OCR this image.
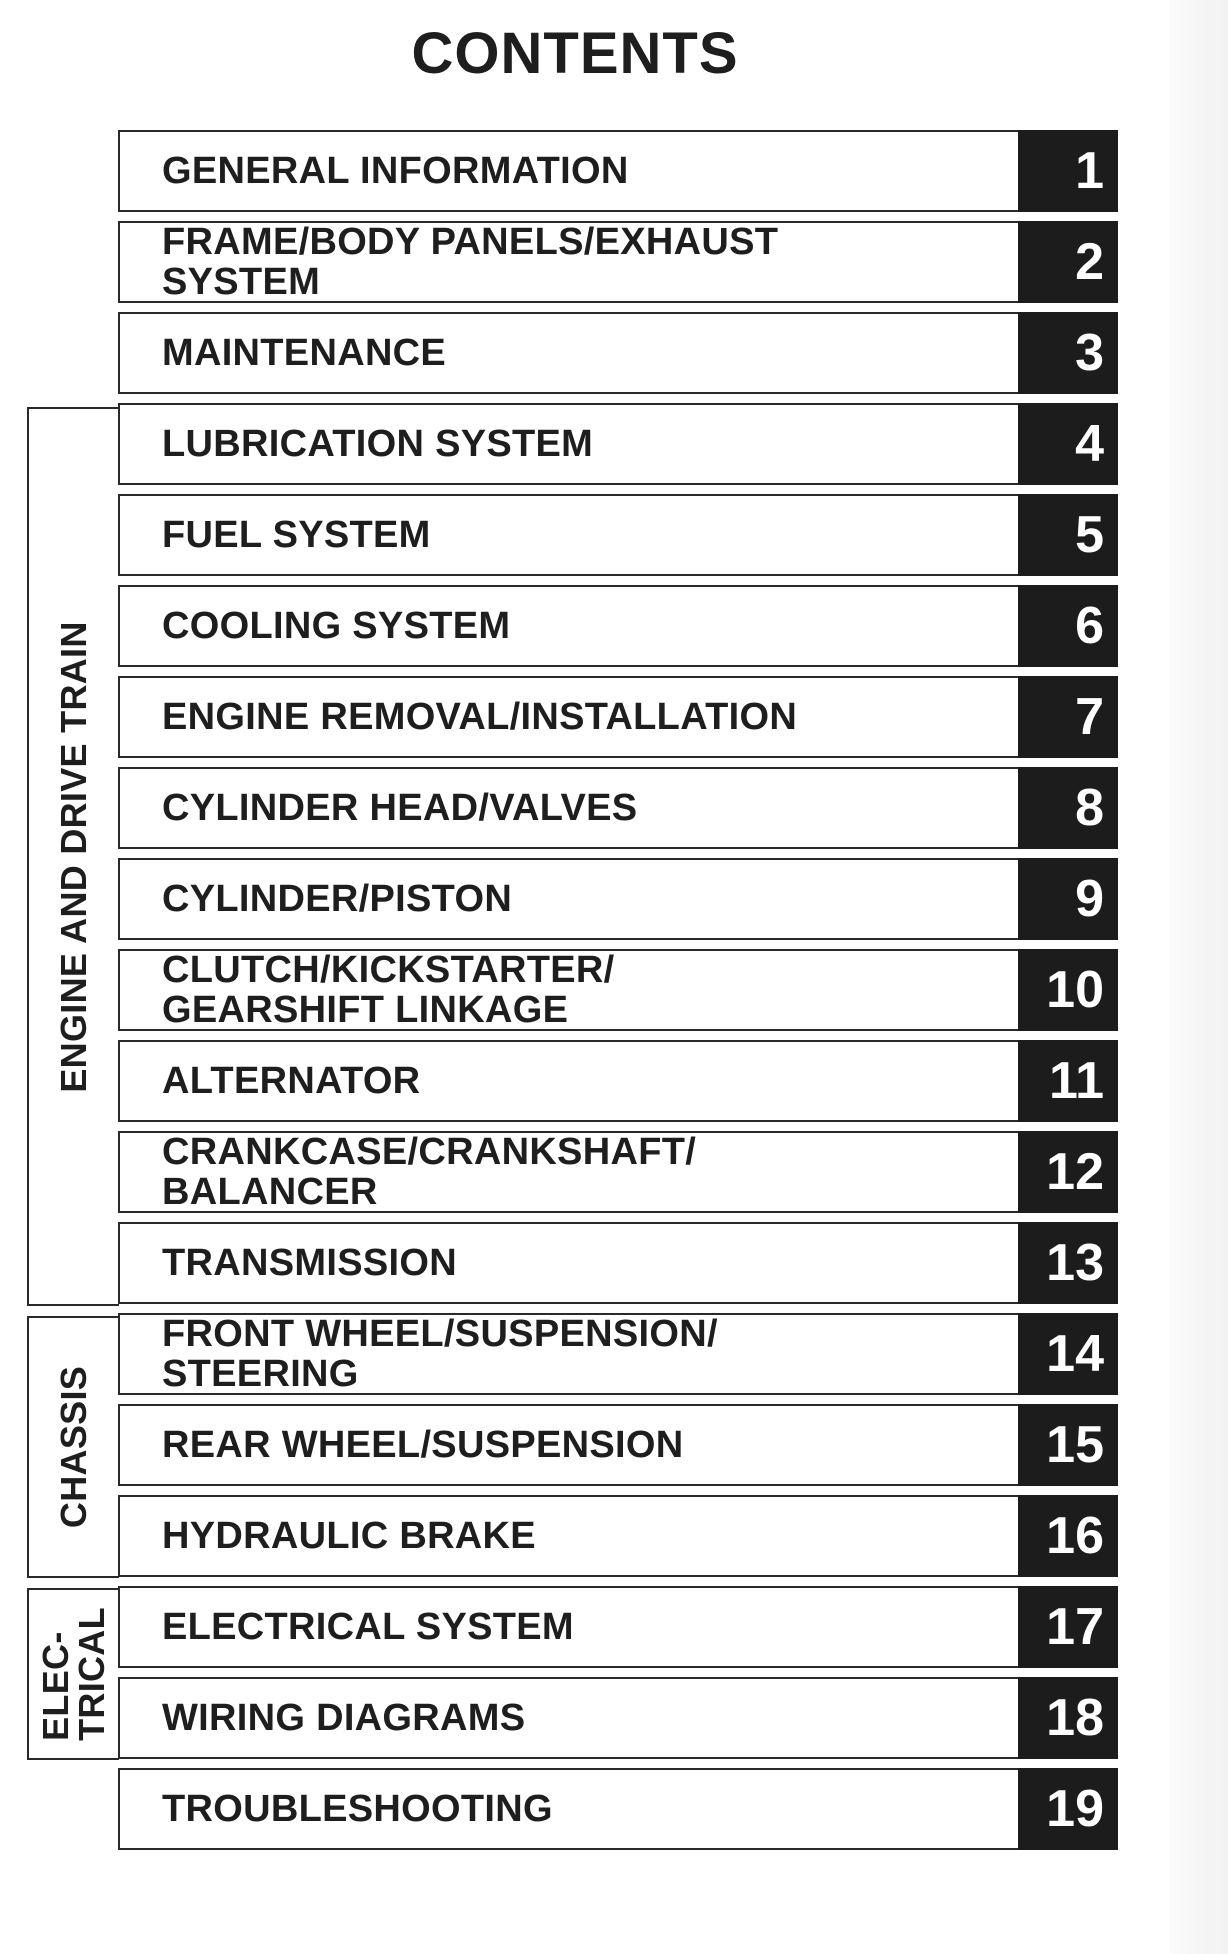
CONTENTS
ENGINE AND DRIVE TRAIN
CHASSIS
ELEC-
TRICAL
GENERAL INFORMATION	1
FRAME/BODY PANELS/EXHAUST
SYSTEM	2
MAINTENANCE	3
LUBRICATION SYSTEM	4
FUEL SYSTEM	5
COOLING SYSTEM	6
ENGINE REMOVAL/INSTALLATION	7
CYLINDER HEAD/VALVES	8
CYLINDER/PISTON	9
CLUTCH/KICKSTARTER/
GEARSHIFT LINKAGE	10
ALTERNATOR	11
CRANKCASE/CRANKSHAFT/
BALANCER	12
TRANSMISSION	13
FRONT WHEEL/SUSPENSION/
STEERING	14
REAR WHEEL/SUSPENSION	15
HYDRAULIC BRAKE	16
ELECTRICAL SYSTEM	17
WIRING DIAGRAMS	18
TROUBLESHOOTING	19
